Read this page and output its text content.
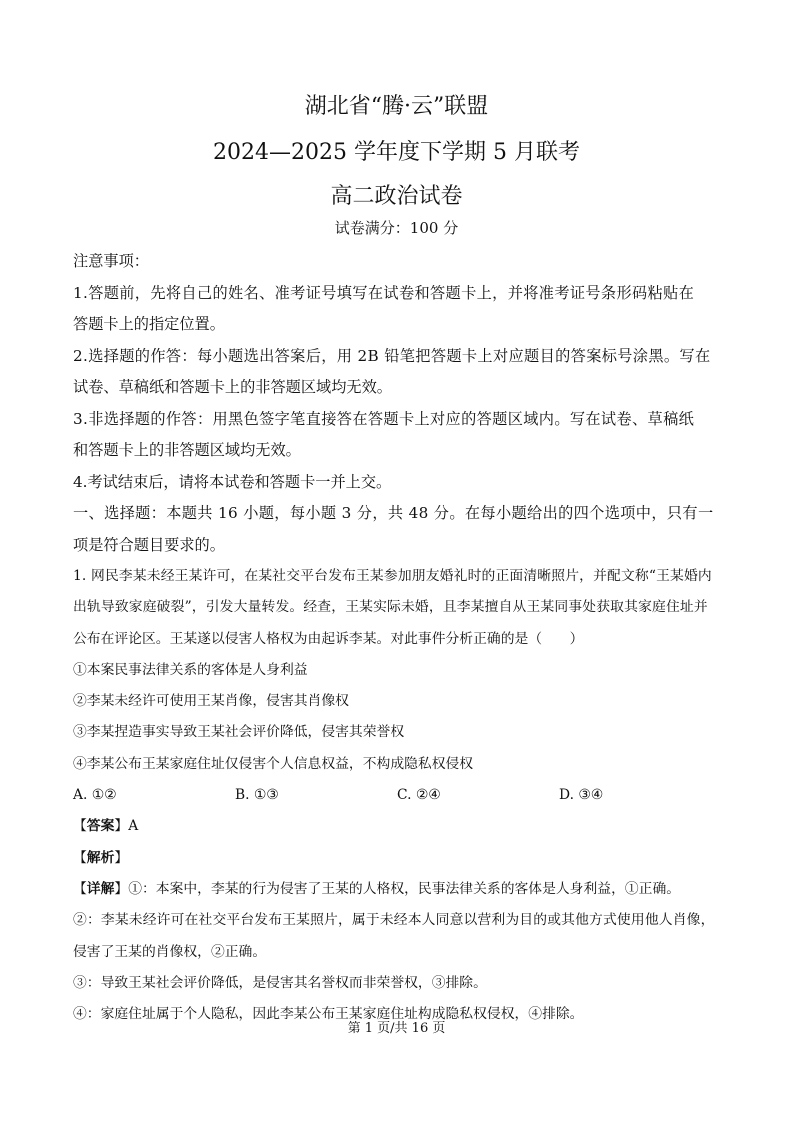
湖北省“腾·云”联盟
2024—2025 学年度下学期 5 月联考
高二政治试卷
试卷满分：100 分
注意事项：
1.答题前，先将自己的姓名、准考证号填写在试卷和答题卡上，并将准考证号条形码粘贴在
答题卡上的指定位置。
2.选择题的作答：每小题选出答案后，用 2B 铅笔把答题卡上对应题目的答案标号涂黑。写在
试卷、草稿纸和答题卡上的非答题区域均无效。
3.非选择题的作答：用黑色签字笔直接答在答题卡上对应的答题区域内。写在试卷、草稿纸
和答题卡上的非答题区域均无效。
4.考试结束后，请将本试卷和答题卡一并上交。
一、选择题：本题共 16 小题，每小题 3 分，共 48 分。在每小题给出的四个选项中，只有一
项是符合题目要求的。
1. 网民李某未经王某许可，在某社交平台发布王某参加朋友婚礼时的正面清晰照片，并配文称“王某婚内
出轨导致家庭破裂”，引发大量转发。经查，王某实际未婚，且李某擅自从王某同事处获取其家庭住址并
公布在评论区。王某遂以侵害人格权为由起诉李某。对此事件分析正确的是（　　）
①本案民事法律关系的客体是人身利益
②李某未经许可使用王某肖像，侵害其肖像权
③李某捏造事实导致王某社会评价降低，侵害其荣誉权
④李某公布王某家庭住址仅侵害个人信息权益，不构成隐私权侵权
A. ①②	B. ①③	C. ②④	D. ③④
【答案】A
【解析】
【详解】①：本案中，李某的行为侵害了王某的人格权，民事法律关系的客体是人身利益，①正确。
②：李某未经许可在社交平台发布王某照片，属于未经本人同意以营利为目的或其他方式使用他人肖像，
侵害了王某的肖像权，②正确。
③：导致王某社会评价降低，是侵害其名誉权而非荣誉权，③排除。
④：家庭住址属于个人隐私，因此李某公布王某家庭住址构成隐私权侵权，④排除。
第 1 页/共 16 页
